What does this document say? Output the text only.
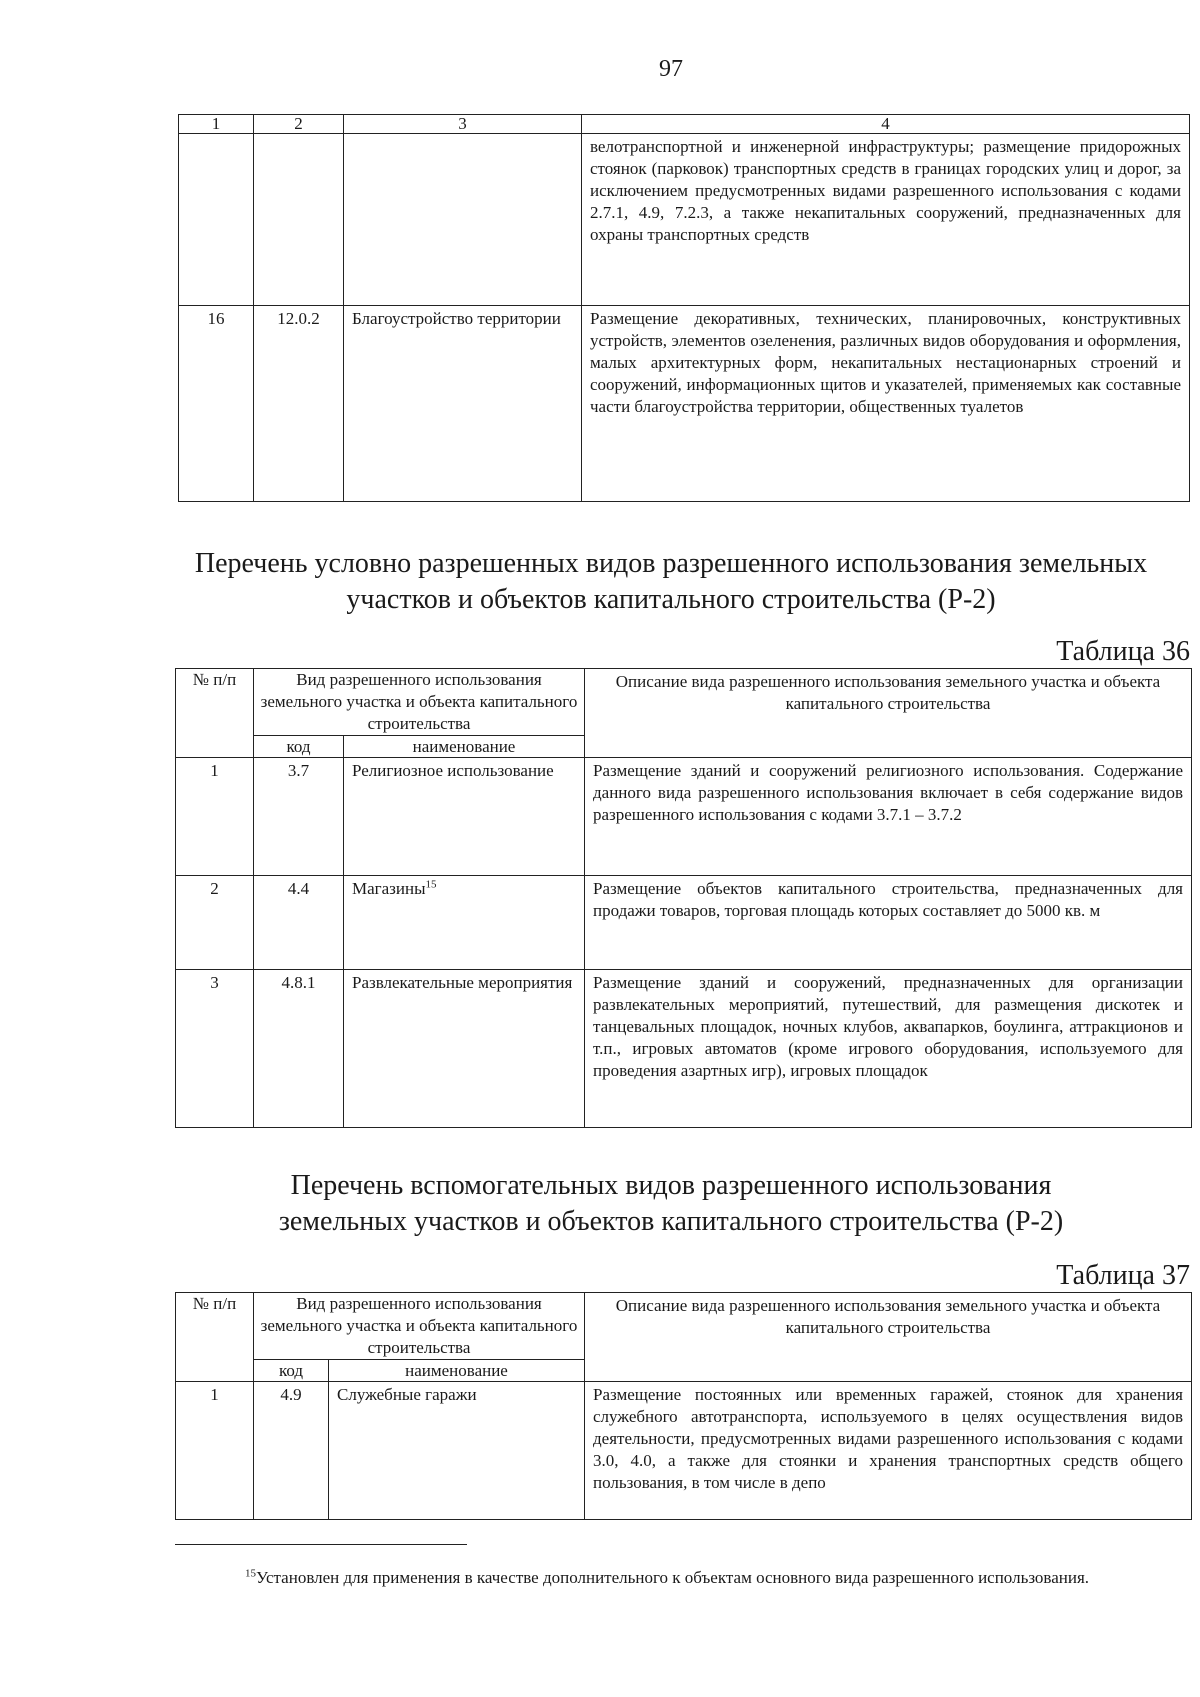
97
1	2	3	4
			велотранспортной и инженерной инфраструктуры; размещение придорожных стоянок (парковок) транспортных средств в границах городских улиц и дорог, за исключением предусмотренных видами разрешенного использования с кодами 2.7.1, 4.9, 7.2.3, а также некапитальных сооружений, предназначенных для охраны транспортных средств
16	12.0.2	Благоустройство территории	Размещение декоративных, технических, планировочных, конструктивных устройств, элементов озеленения, различных видов оборудования и оформления, малых архитектурных форм, некапитальных нестационарных строений и сооружений, информационных щитов и указателей, применяемых как составные части благоустройства территории, общественных туалетов
Перечень условно разрешенных видов разрешенного использования земельных
участков и объектов капитального строительства (Р-2)
Таблица 36
№ п/п	Вид разрешенного использования земельного участка и объекта капитального строительства		Описание вида разрешенного использования земельного участка и объекта капитального строительства
	код	наименование	
1	3.7	Религиозное использование	Размещение зданий и сооружений религиозного использования. Содержание данного вида разрешенного использования включает в себя содержание видов разрешенного использования с кодами 3.7.1 – 3.7.2
2	4.4	Магазины$^{15}$	Размещение объектов капитального строительства, предназначенных для продажи товаров, торговая площадь которых составляет до 5000 кв. м
3	4.8.1	Развлекательные мероприятия	Размещение зданий и сооружений, предназначенных для организации развлекательных мероприятий, путешествий, для размещения дискотек и танцевальных площадок, ночных клубов, аквапарков, боулинга, аттракционов и т.п., игровых автоматов (кроме игрового оборудования, используемого для проведения азартных игр), игровых площадок
Перечень вспомогательных видов разрешенного использования
земельных участков и объектов капитального строительства (Р-2)
Таблица 37
№ п/п	Вид разрешенного использования земельного участка и объекта капитального строительства		Описание вида разрешенного использования земельного участка и объекта капитального строительства
	код	наименование	
1	4.9	Служебные гаражи	Размещение постоянных или временных гаражей, стоянок для хранения служебного автотранспорта, используемого в целях осуществления видов деятельности, предусмотренных видами разрешенного использования с кодами 3.0, 4.0, а также для стоянки и хранения транспортных средств общего пользования, в том числе в депо
$^{15}$Установлен для применения в качестве дополнительного к объектам основного вида разрешенного использования.
